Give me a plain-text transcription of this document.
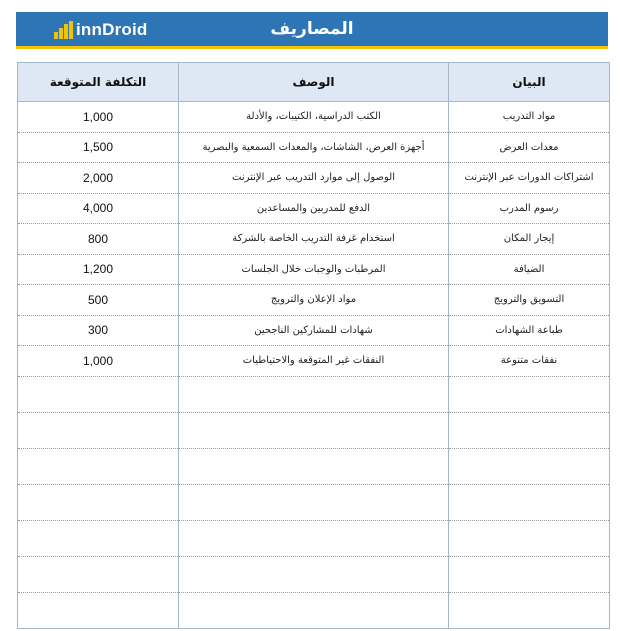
innDroid	المصاريف
التكلفة المتوقعة	الوصف	البيان
1,000	الكتب الدراسية، الكتيبات، والأدلة	مواد التدريب
1,500	أجهزة العرض، الشاشات، والمعدات السمعية والبصرية	معدات العرض
2,000	الوصول إلى موارد التدريب عبر الإنترنت	اشتراكات الدورات عبر الإنترنت
4,000	الدفع للمدربين والمساعدين	رسوم المدرب
800	استخدام غرفة التدريب الخاصة بالشركة	إيجار المكان
1,200	المرطبات والوجبات خلال الجلسات	الضيافة
500	مواد الإعلان والترويج	التسويق والترويج
300	شهادات للمشاركين الناجحين	طباعة الشهادات
1,000	النفقات غير المتوقعة والاحتياطيات	نفقات متنوعة
